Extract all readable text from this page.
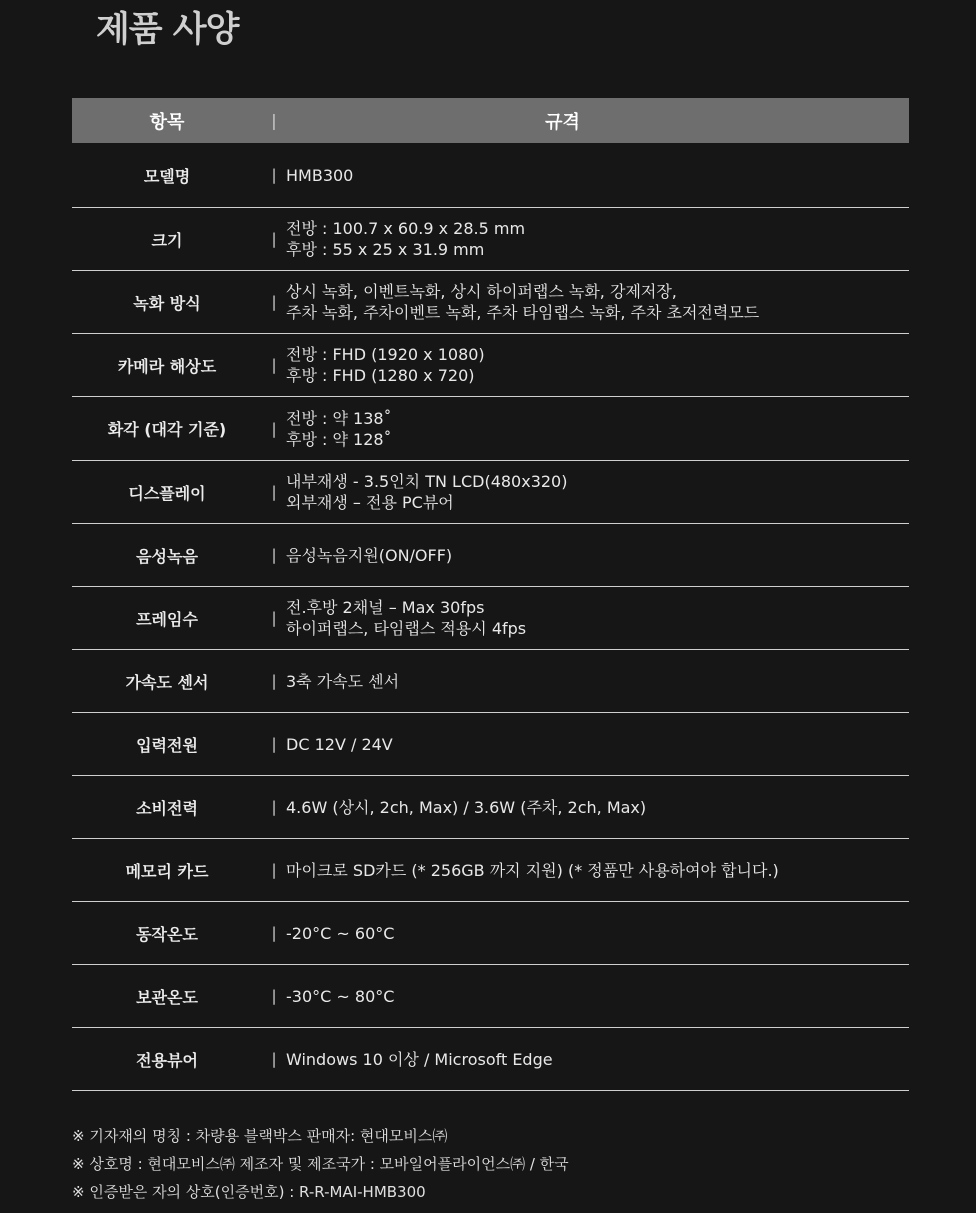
제품 사양
항목	|	규격
모델명	| HMB300
크기	|
전방 : 100.7 x 60.9 x 28.5 mm
후방 : 55 x 25 x 31.9 mm
녹화 방식	|
상시 녹화, 이벤트녹화, 상시 하이퍼랩스 녹화, 강제저장,
주차 녹화, 주차이벤트 녹화, 주차 타임랩스 녹화, 주차 초저전력모드
카메라 해상도	|
전방 : FHD (1920 x 1080)
후방 : FHD (1280 x 720)
화각 (대각 기준)	|
전방 : 약 138˚
후방 : 약 128˚
디스플레이	|
내부재생 - 3.5인치 TN LCD(480x320)
외부재생 – 전용 PC뷰어
음성녹음	| 음성녹음지원(ON/OFF)
프레임수	|
전.후방 2채널 – Max 30fps
하이퍼랩스, 타임랩스 적용시 4fps
가속도 센서	| 3축 가속도 센서
입력전원	| DC 12V / 24V
소비전력	| 4.6W (상시, 2ch, Max) / 3.6W (주차, 2ch, Max)
메모리 카드	| 마이크로 SD카드 (* 256GB 까지 지원) (* 정품만 사용하여야 합니다.)
동작온도	| -20°C ~ 60°C
보관온도	| -30°C ~ 80°C
전용뷰어	| Windows 10 이상 / Microsoft Edge
※ 기자재의 명칭 : 차량용 블랙박스 판매자: 현대모비스㈜
※ 상호명 : 현대모비스㈜ 제조자 및 제조국가 : 모바일어플라이언스㈜ / 한국
※ 인증받은 자의 상호(인증번호) : R-R-MAI-HMB300
